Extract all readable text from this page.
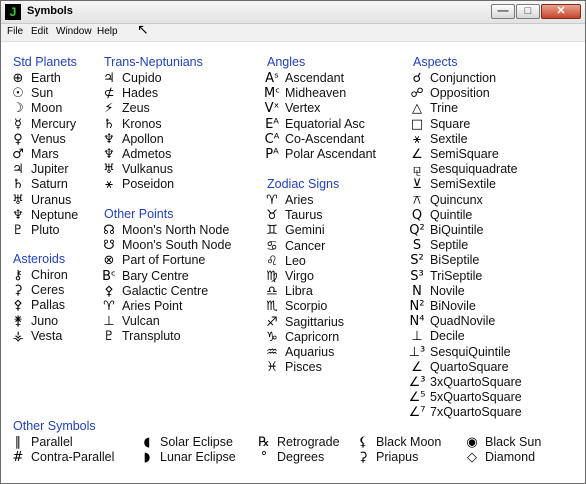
J Symbols	—	□	✕
File Edit Window Help ↖
Std Planets
⊕ Earth
☉ Sun
☽ Moon
☿ Mercury
♀ Venus
♂ Mars
♃ Jupiter
♄ Saturn
♅ Uranus
♆ Neptune
♇ Pluto
Asteroids
⚷ Chiron
⚳ Ceres
⚴ Pallas
⚵ Juno
⚶ Vesta
Trans-Neptunians
♃ Cupido
⊄ Hades
⚡ Zeus
♄ Kronos
♆ Apollon
♆ Admetos
♅ Vulkanus
⚹ Poseidon
Other Points
☊ Moon's North Node
☋ Moon's South Node
⊗ Part of Fortune
Bᶜ Bary Centre
⚴ Galactic Centre
♈ Aries Point
⊥ Vulcan
♇ Transpluto
Angles
Aˢ Ascendant
Mᶜ Midheaven
Vˣ Vertex
Eᴬ Equatorial Asc
Cᴬ Co-Ascendant
Pᴬ Polar Ascendant
Zodiac Signs
♈ Aries
♉ Taurus
♊ Gemini
♋ Cancer
♌ Leo
♍ Virgo
♎ Libra
♏ Scorpio
♐ Sagittarius
♑ Capricorn
♒ Aquarius
♓ Pisces
Aspects
☌ Conjunction
☍ Opposition
△ Trine
□ Square
⚹ Sextile
∠ SemiSquare
⚼ Sesquiquadrate
⊻ SemiSextile
⚻ Quincunx
Q Quintile
Q² BiQuintile
S Septile
S² BiSeptile
S³ TriSeptile
N Novile
N² BiNovile
N⁴ QuadNovile
⊥ Decile
⊥³ SesquiQuintile
∠ QuartoSquare
∠³ 3xQuartoSquare
∠⁵ 5xQuartoSquare
∠⁷ 7xQuartoSquare
Other Symbols
∥ Parallel
# Contra-Parallel
◖ Solar Eclipse
◗ Lunar Eclipse
℞ Retrograde
° Degrees
⚸ Black Moon
⚳ Priapus
◉ Black Sun
◇ Diamond
